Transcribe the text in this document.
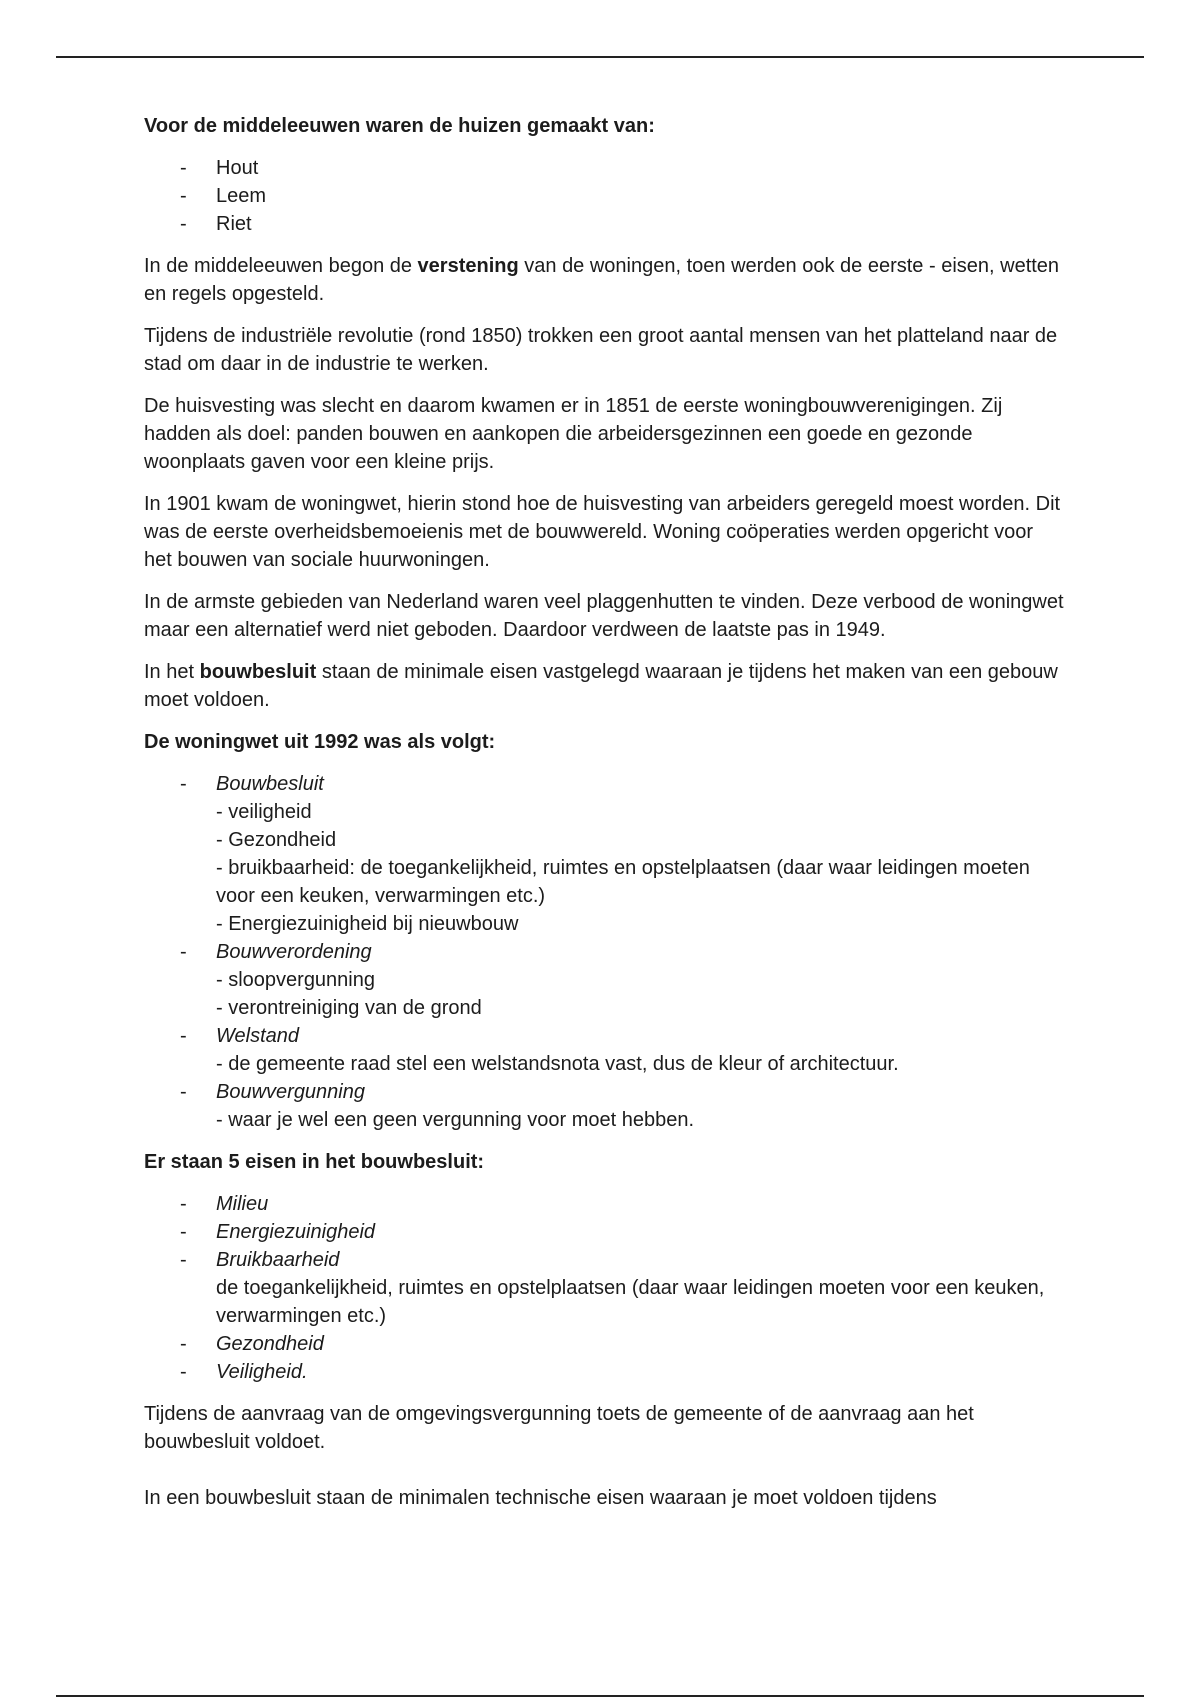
Voor de middeleeuwen waren de huizen gemaakt van:

-	Hout
-	Leem
-	Riet

In de middeleeuwen begon de verstening van de woningen, toen werden ook de eerste - eisen, wetten en regels opgesteld.

Tijdens de industriële revolutie (rond 1850) trokken een groot aantal mensen van het platteland naar de stad om daar in de industrie te werken.

De huisvesting was slecht en daarom kwamen er in 1851 de eerste woningbouwverenigingen. Zij hadden als doel: panden bouwen en aankopen die arbeidersgezinnen een goede en gezonde woonplaats gaven voor een kleine prijs.

In 1901 kwam de woningwet, hierin stond hoe de huisvesting van arbeiders geregeld moest worden. Dit was de eerste overheidsbemoeienis met de bouwwereld. Woning coöperaties werden opgericht voor het bouwen van sociale huurwoningen.

In de armste gebieden van Nederland waren veel plaggenhutten te vinden. Deze verbood de woningwet maar een alternatief werd niet geboden. Daardoor verdween de laatste pas in 1949.

In het bouwbesluit staan de minimale eisen vastgelegd waaraan je tijdens het maken van een gebouw moet voldoen.

De woningwet uit 1992 was als volgt:

-	Bouwbesluit
- veiligheid
- Gezondheid
- bruikbaarheid: de toegankelijkheid, ruimtes en opstelplaatsen (daar waar leidingen moeten voor een keuken, verwarmingen etc.)
- Energiezuinigheid bij nieuwbouw
-	Bouwverordening
- sloopvergunning
- verontreiniging van de grond
-	Welstand
- de gemeente raad stel een welstandsnota vast, dus de kleur of architectuur.
-	Bouwvergunning
- waar je wel een geen vergunning voor moet hebben.

Er staan 5 eisen in het bouwbesluit:

-	Milieu
-	Energiezuinigheid
-	Bruikbaarheid
de toegankelijkheid, ruimtes en opstelplaatsen (daar waar leidingen moeten voor een keuken, verwarmingen etc.)
-	Gezondheid
-	Veiligheid.

Tijdens de aanvraag van de omgevingsvergunning toets de gemeente of de aanvraag aan het bouwbesluit voldoet.

In een bouwbesluit staan de minimalen technische eisen waaraan je moet voldoen tijdens
